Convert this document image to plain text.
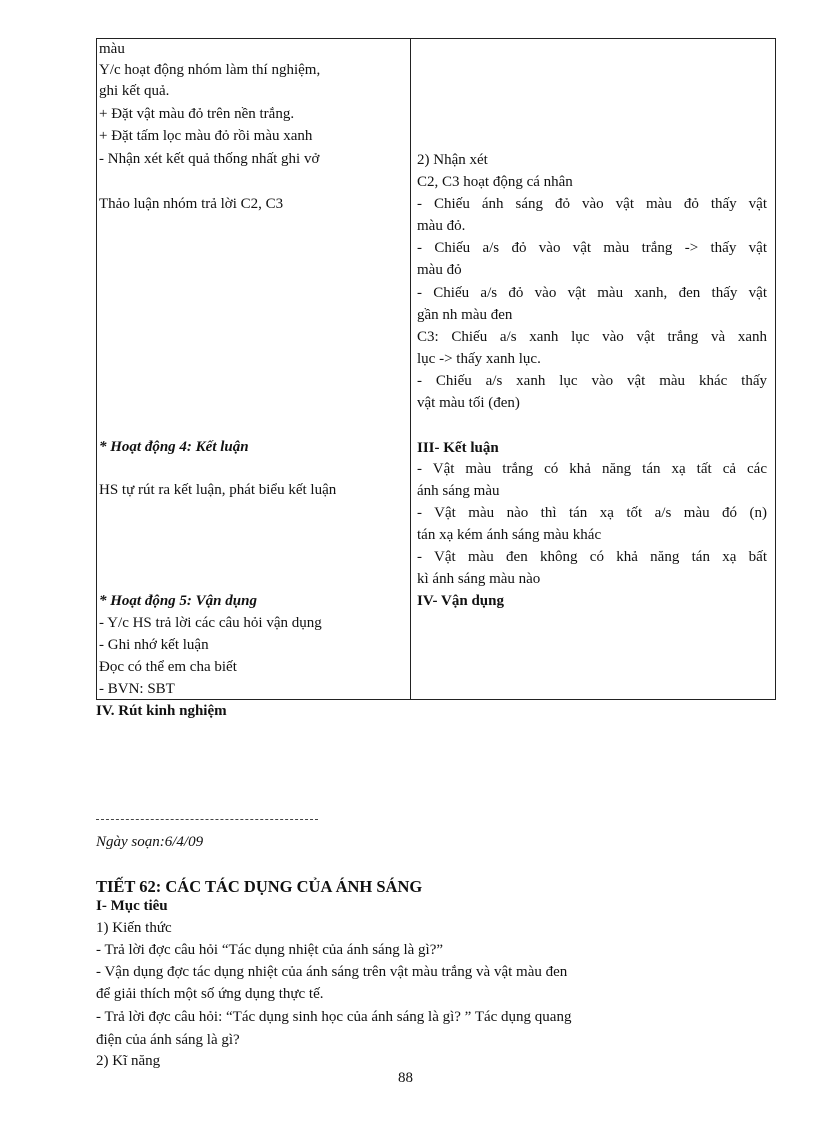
màu
Y/c hoạt động nhóm làm thí nghiệm,
ghi kết quả.
+ Đặt vật màu đỏ trên nền trắng.
+ Đặt tấm lọc màu đỏ rồi màu xanh
- Nhận xét kết quả thống nhất ghi vở
Thảo luận nhóm trả lời C2, C3
* Hoạt động 4: Kết luận
HS tự rút ra kết luận, phát biểu kết luận
* Hoạt động 5: Vận dụng
- Y/c HS trả lời các câu hỏi vận dụng
- Ghi nhớ kết luận
Đọc có thể em cha biết
- BVN: SBT
2) Nhận xét
C2, C3 hoạt động cá nhân
- Chiếu ánh sáng đỏ vào vật màu đỏ thấy vật
màu đỏ.
- Chiếu a/s đỏ vào vật màu trắng -> thấy vật
màu đỏ
- Chiếu a/s đỏ vào vật màu xanh, đen thấy vật
gần nh màu đen
C3: Chiếu a/s xanh lục vào vật trắng và xanh
lục -> thấy xanh lục.
- Chiếu a/s xanh lục vào vật màu khác thấy
vật màu tối (đen)
III- Kết luận
- Vật màu trắng có khả năng tán xạ tất cả các
ánh sáng màu
- Vật màu nào thì tán xạ tốt a/s màu đó (n)
tán xạ kém ánh sáng màu khác
- Vật màu đen không có khả năng tán xạ bất
kì ánh sáng màu nào
IV- Vận dụng
IV. Rút kinh nghiệm
Ngày soạn:6/4/09
TIẾT 62: CÁC TÁC DỤNG CỦA ÁNH SÁNG
I- Mục tiêu
1) Kiến thức
- Trả lời đợc câu hỏi “Tác dụng nhiệt của ánh sáng là gì?”
- Vận dụng đợc tác dụng nhiệt của ánh sáng trên vật màu trắng và vật màu đen
để giải thích một số ứng dụng thực tế.
- Trả lời đợc câu hỏi: “Tác dụng sinh học của ánh sáng là gì? ” Tác dụng quang
điện của ánh sáng là gì?
2) Kĩ năng
88
